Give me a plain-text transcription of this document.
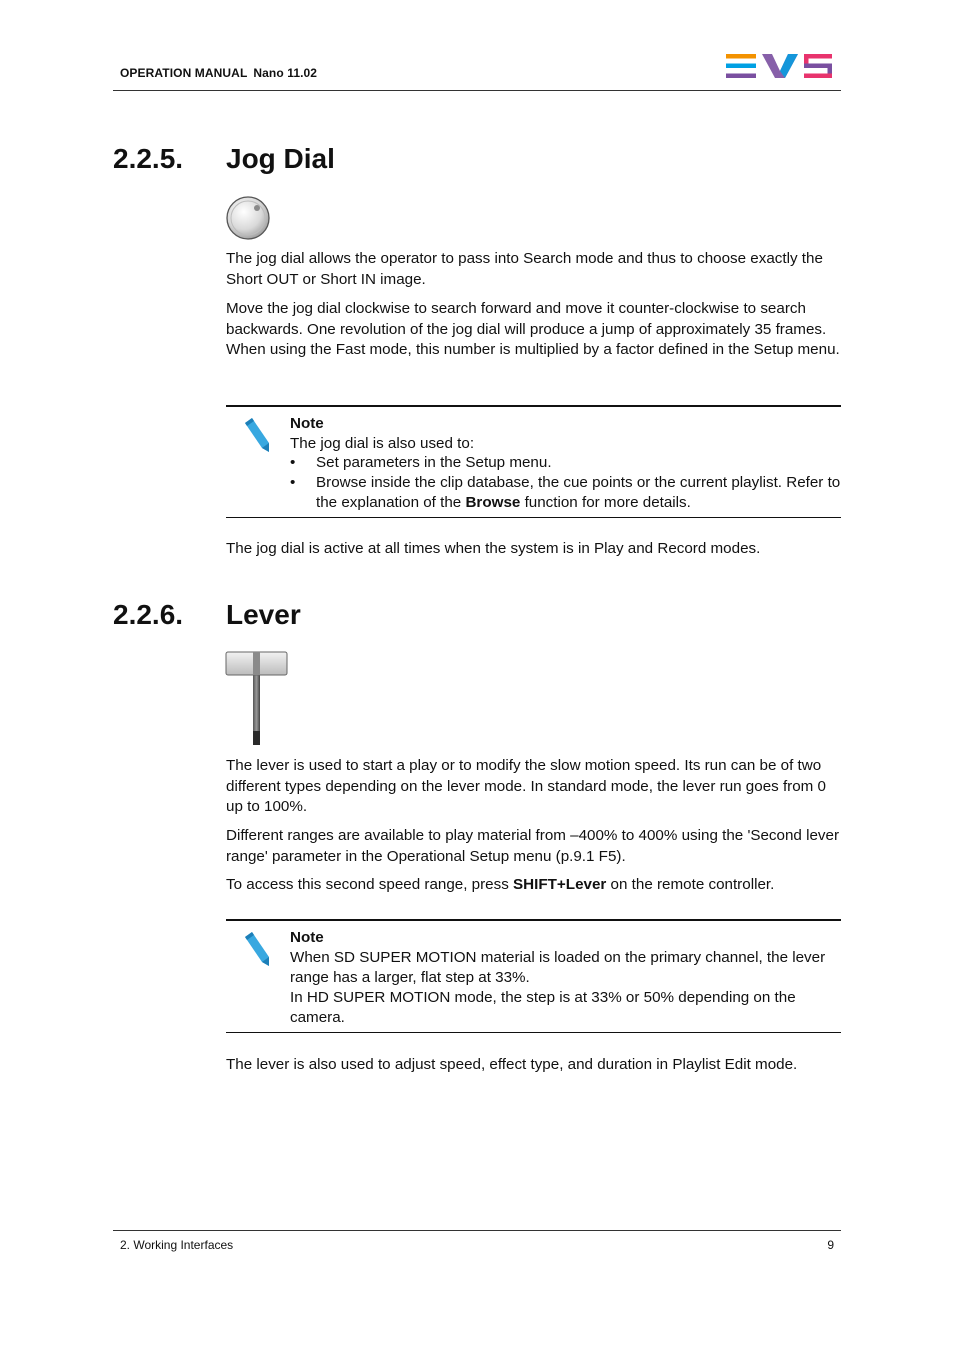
OPERATION MANUAL Nano 11.02
2.2.5. Jog Dial
The jog dial allows the operator to pass into Search mode and thus to choose exactly the Short OUT or Short IN image.
Move the jog dial clockwise to search forward and move it counter-clockwise to search backwards. One revolution of the jog dial will produce a jump of approximately 35 frames. When using the Fast mode, this number is multiplied by a factor defined in the Setup menu.
Note
The jog dial is also used to:
• Set parameters in the Setup menu.
• Browse inside the clip database, the cue points or the current playlist. Refer to the explanation of the Browse function for more details.
The jog dial is active at all times when the system is in Play and Record modes.
2.2.6. Lever
The lever is used to start a play or to modify the slow motion speed. Its run can be of two different types depending on the lever mode. In standard mode, the lever run goes from 0 up to 100%.
Different ranges are available to play material from –400% to 400% using the 'Second lever range' parameter in the Operational Setup menu (p.9.1 F5).
To access this second speed range, press SHIFT+Lever on the remote controller.
Note
When SD SUPER MOTION material is loaded on the primary channel, the lever range has a larger, flat step at 33%.
In HD SUPER MOTION mode, the step is at 33% or 50% depending on the camera.
The lever is also used to adjust speed, effect type, and duration in Playlist Edit mode.
2. Working Interfaces	9
